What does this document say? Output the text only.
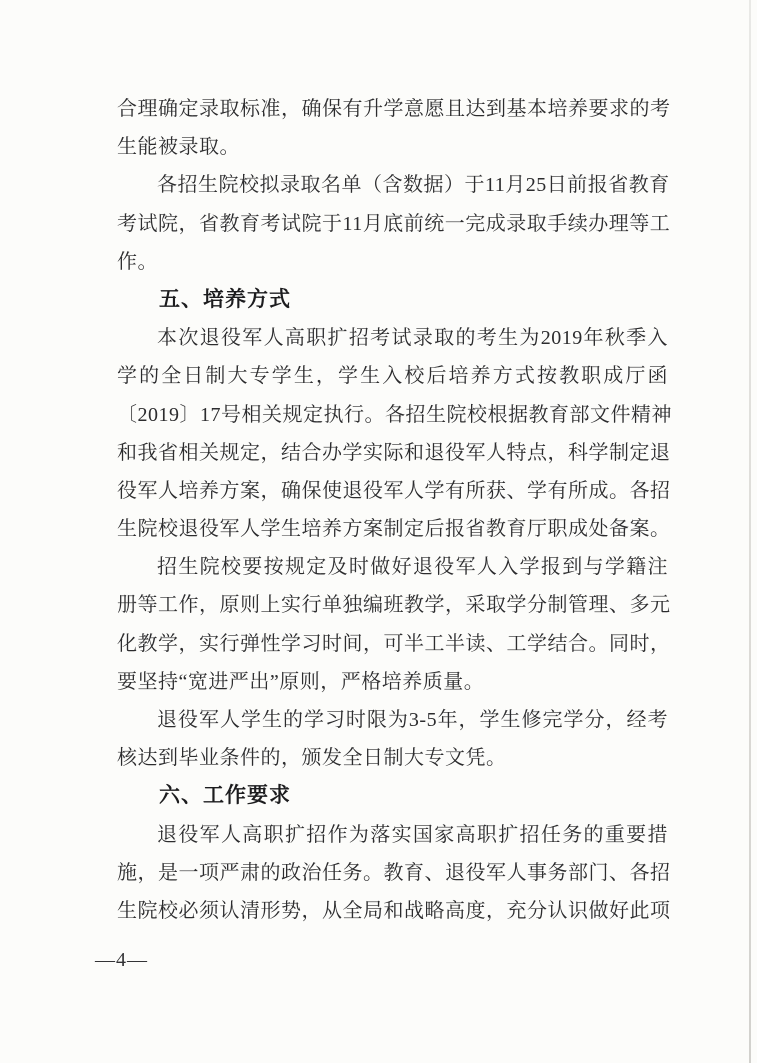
合理确定录取标准，确保有升学意愿且达到基本培养要求的考
生能被录取。
各招生院校拟录取名单（含数据）于11月25日前报省教育
考试院，省教育考试院于11月底前统一完成录取手续办理等工
作。
五、培养方式
本次退役军人高职扩招考试录取的考生为2019年秋季入
学的全日制大专学生，学生入校后培养方式按教职成厅函
〔2019〕17号相关规定执行。各招生院校根据教育部文件精神
和我省相关规定，结合办学实际和退役军人特点，科学制定退
役军人培养方案，确保使退役军人学有所获、学有所成。各招
生院校退役军人学生培养方案制定后报省教育厅职成处备案。
招生院校要按规定及时做好退役军人入学报到与学籍注
册等工作，原则上实行单独编班教学，采取学分制管理、多元
化教学，实行弹性学习时间，可半工半读、工学结合。同时，
要坚持“宽进严出”原则，严格培养质量。
退役军人学生的学习时限为3-5年，学生修完学分，经考
核达到毕业条件的，颁发全日制大专文凭。
六、工作要求
退役军人高职扩招作为落实国家高职扩招任务的重要措
施，是一项严肃的政治任务。教育、退役军人事务部门、各招
生院校必须认清形势，从全局和战略高度，充分认识做好此项
—4—
